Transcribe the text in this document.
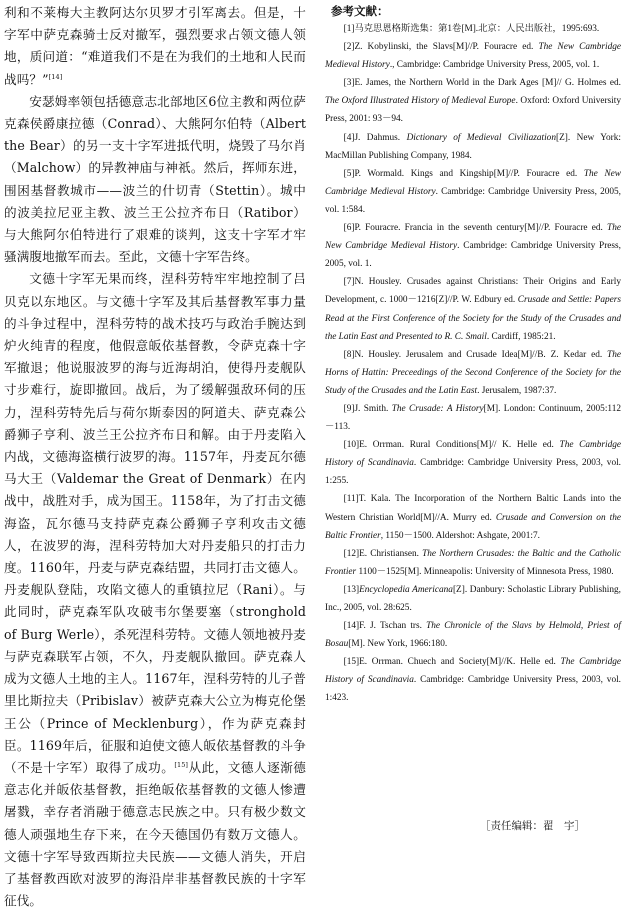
利和不莱梅大主教阿达尔贝罗才引军离去。但是，十字军中萨克森骑士反对撤军，强烈要求占领文德人领地，质问道：“难道我们不是在为我们的土地和人民而战吗？”[14]

安瑟姆率领包括德意志北部地区6位主教和两位萨克森侯爵康拉德（Conrad）、大熊阿尔伯特（Albert the Bear）的另一支十字军进抵代明，烧毁了马尔肖（Malchow）的异教神庙与神祇。然后，挥师东进，围困基督教城市——波兰的什切青（Stettin）。城中的波美拉尼亚主教、波兰王公拉齐布日（Ratibor）与大熊阿尔伯特进行了艰难的谈判，这支十字军才牢骚满腹地撤军而去。至此，文德十字军告终。

文德十字军无果而终，涅科劳特牢牢地控制了吕贝克以东地区。与文德十字军及其后基督教军事力量的斗争过程中，涅科劳特的战术技巧与政治手腕达到炉火纯青的程度，他假意皈依基督教，令萨克森十字军撤退；他说服波罗的海与近海胡泊，使得丹麦舰队寸步难行，旋即撤回。战后，为了缓解强敌环伺的压力，涅科劳特先后与荷尔斯泰因的阿道夫、萨克森公爵狮子亨利、波兰王公拉齐布日和解。由于丹麦陷入内战，文德海盗横行波罗的海。1157年，丹麦瓦尔德马大王（Valdemar the Great of Denmark）在内战中，战胜对手，成为国王。1158年，为了打击文德海盗，瓦尔德马支持萨克森公爵狮子亨利攻击文德人，在波罗的海，涅科劳特加大对丹麦船只的打击力度。1160年，丹麦与萨克森结盟，共同打击文德人。丹麦舰队登陆，攻陷文德人的重镇拉尼（Rani）。与此同时，萨克森军队攻破韦尔堡要塞（stronghold of Burg Werle），杀死涅科劳特。文德人领地被丹麦与萨克森联军占领，不久，丹麦舰队撤回。萨克森人成为文德人土地的主人。1167年，涅科劳特的儿子普里比斯拉夫（Pribislav）被萨克森大公立为梅克伦堡王公（Prince of Mecklenburg），作为萨克森封臣。1169年后，征服和迫使文德人皈依基督教的斗争（不是十字军）取得了成功。[15]从此，文德人逐渐德意志化并皈依基督教，拒绝皈依基督教的文德人惨遭屠戮，幸存者消融于德意志民族之中。只有极少数文德人顽强地生存下来，在今天德国仍有数万文德人。文德十字军导致西斯拉夫民族——文德人消失，开启了基督教西欧对波罗的海沿岸非基督教民族的十字军征伐。

参考文献：

[1]马克思恩格斯选集：第1卷[M].北京：人民出版社，1995:693.

[2]Z. Kobylinski, the Slavs[M]//P. Fouracre ed. The New Cambridge Medieval History., Cambridge: Cambridge University Press, 2005, vol. 1.

[3]E. James, the Northern World in the Dark Ages [M]// G. Holmes ed. The Oxford Illustrated History of Medieval Europe. Oxford: Oxford University Press, 2001: 93－94.

[4]J. Dahmus. Dictionary of Medieval Civiliazation[Z]. New York: MacMillan Publishing Company, 1984.

[5]P. Wormald. Kings and Kingship[M]//P. Fouracre ed. The New Cambridge Medieval History. Cambridge: Cambridge University Press, 2005, vol. 1:584.

[6]P. Fouracre. Francia in the seventh century[M]//P. Fouracre ed. The New Cambridge Medieval History. Cambridge: Cambridge University Press, 2005, vol. 1.

[7]N. Housley. Crusades against Christians: Their Origins and Early Development, c. 1000－1216[Z]//P. W. Edbury ed. Crusade and Settle: Papers Read at the First Conference of the Society for the Study of the Crusades and the Latin East and Presented to R. C. Smail. Cardiff, 1985:21.

[8]N. Housley. Jerusalem and Crusade Idea[M]//B. Z. Kedar ed. The Horns of Hattin: Preceedings of the Second Conference of the Society for the Study of the Crusades and the Latin East. Jerusalem, 1987:37.

[9]J. Smith. The Crusade: A History[M]. London: Continuum, 2005:112－113.

[10]E. Orrman. Rural Conditions[M]// K. Helle ed. The Cambridge History of Scandinavia. Cambridge: Cambridge University Press, 2003, vol. 1:255.

[11]T. Kala. The Incorporation of the Northern Baltic Lands into the Western Christian World[M]//A. Murry ed. Crusade and Conversion on the Baltic Frontier, 1150－1500. Aldershot: Ashgate, 2001:7.

[12]E. Christiansen. The Northern Crusades: the Baltic and the Catholic Frontier 1100－1525[M]. Minneapolis: University of Minnesota Press, 1980.

[13]Encyclopedia Americana[Z]. Danbury: Scholastic Library Publishing, Inc., 2005, vol. 28:625.

[14]F. J. Tschan trs. The Chronicle of the Slavs by Helmold, Priest of Bosau[M]. New York, 1966:180.

[15]E. Orrman. Chuech and Society[M]//K. Helle ed. The Cambridge History of Scandinavia. Cambridge: Cambridge University Press, 2003, vol. 1:423.

［责任编辑：翟　宇］
